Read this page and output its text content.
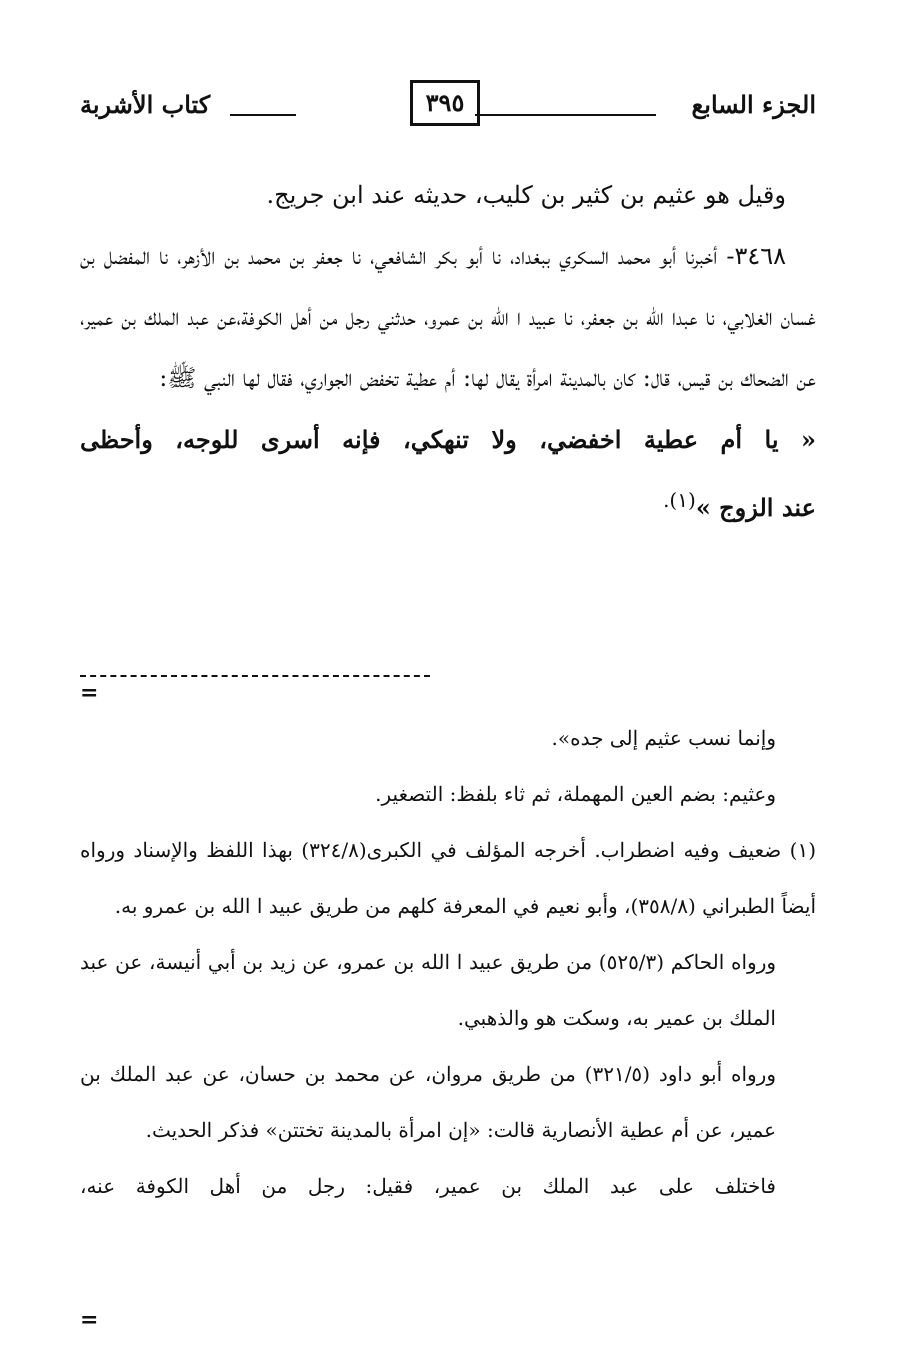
الجزء السابع
٣٩٥
كتاب الأشربة

وقيل هو عثيم بن كثير بن كليب، حديثه عند ابن جريج.

٣٤٦٨- أخبرنا أبو محمد السكري ببغداد، نا أبو بكر الشافعي، نا جعفر بن محمد بن الأزهر، نا المفضل بن غسان الغلابي، نا عبدا الله بن جعفر، نا عبيد ا الله بن عمرو، حدثني رجل من أهل الكوفة،عن عبد الملك بن عمير، عن الضحاك بن قيس، قال: كان بالمدينة امرأة يقال لها: أم عطية تخفض الجواري، فقال لها النبي ﷺ:

« يا أم عطية اخفضي، ولا تنهكي، فإنه أسرى للوجه، وأحظى

عند الزوج »$^{(١).}$

=

وإنما نسب عثيم إلى جده».

وعثيم: بضم العين المهملة، ثم ثاء بلفظ: التصغير.

(١) ضعيف وفيه اضطراب. أخرجه المؤلف في الكبرى(٣٢٤/٨) بهذا اللفظ والإسناد ورواه أيضاً الطبراني (٣٥٨/٨)، وأبو نعيم في المعرفة كلهم من طريق عبيد ا الله بن عمرو به.

ورواه الحاكم (٥٢٥/٣) من طريق عبيد ا الله بن عمرو، عن زيد بن أبي أنيسة، عن عبد الملك بن عمير به، وسكت هو والذهبي.

ورواه أبو داود (٣٢١/٥) من طريق مروان، عن محمد بن حسان، عن عبد الملك بن عمير، عن أم عطية الأنصارية قالت: «إن امرأة بالمدينة تختتن» فذكر الحديث.

فاختلف على عبد الملك بن عمير، فقيل: رجل من أهل الكوفة عنه،

=
